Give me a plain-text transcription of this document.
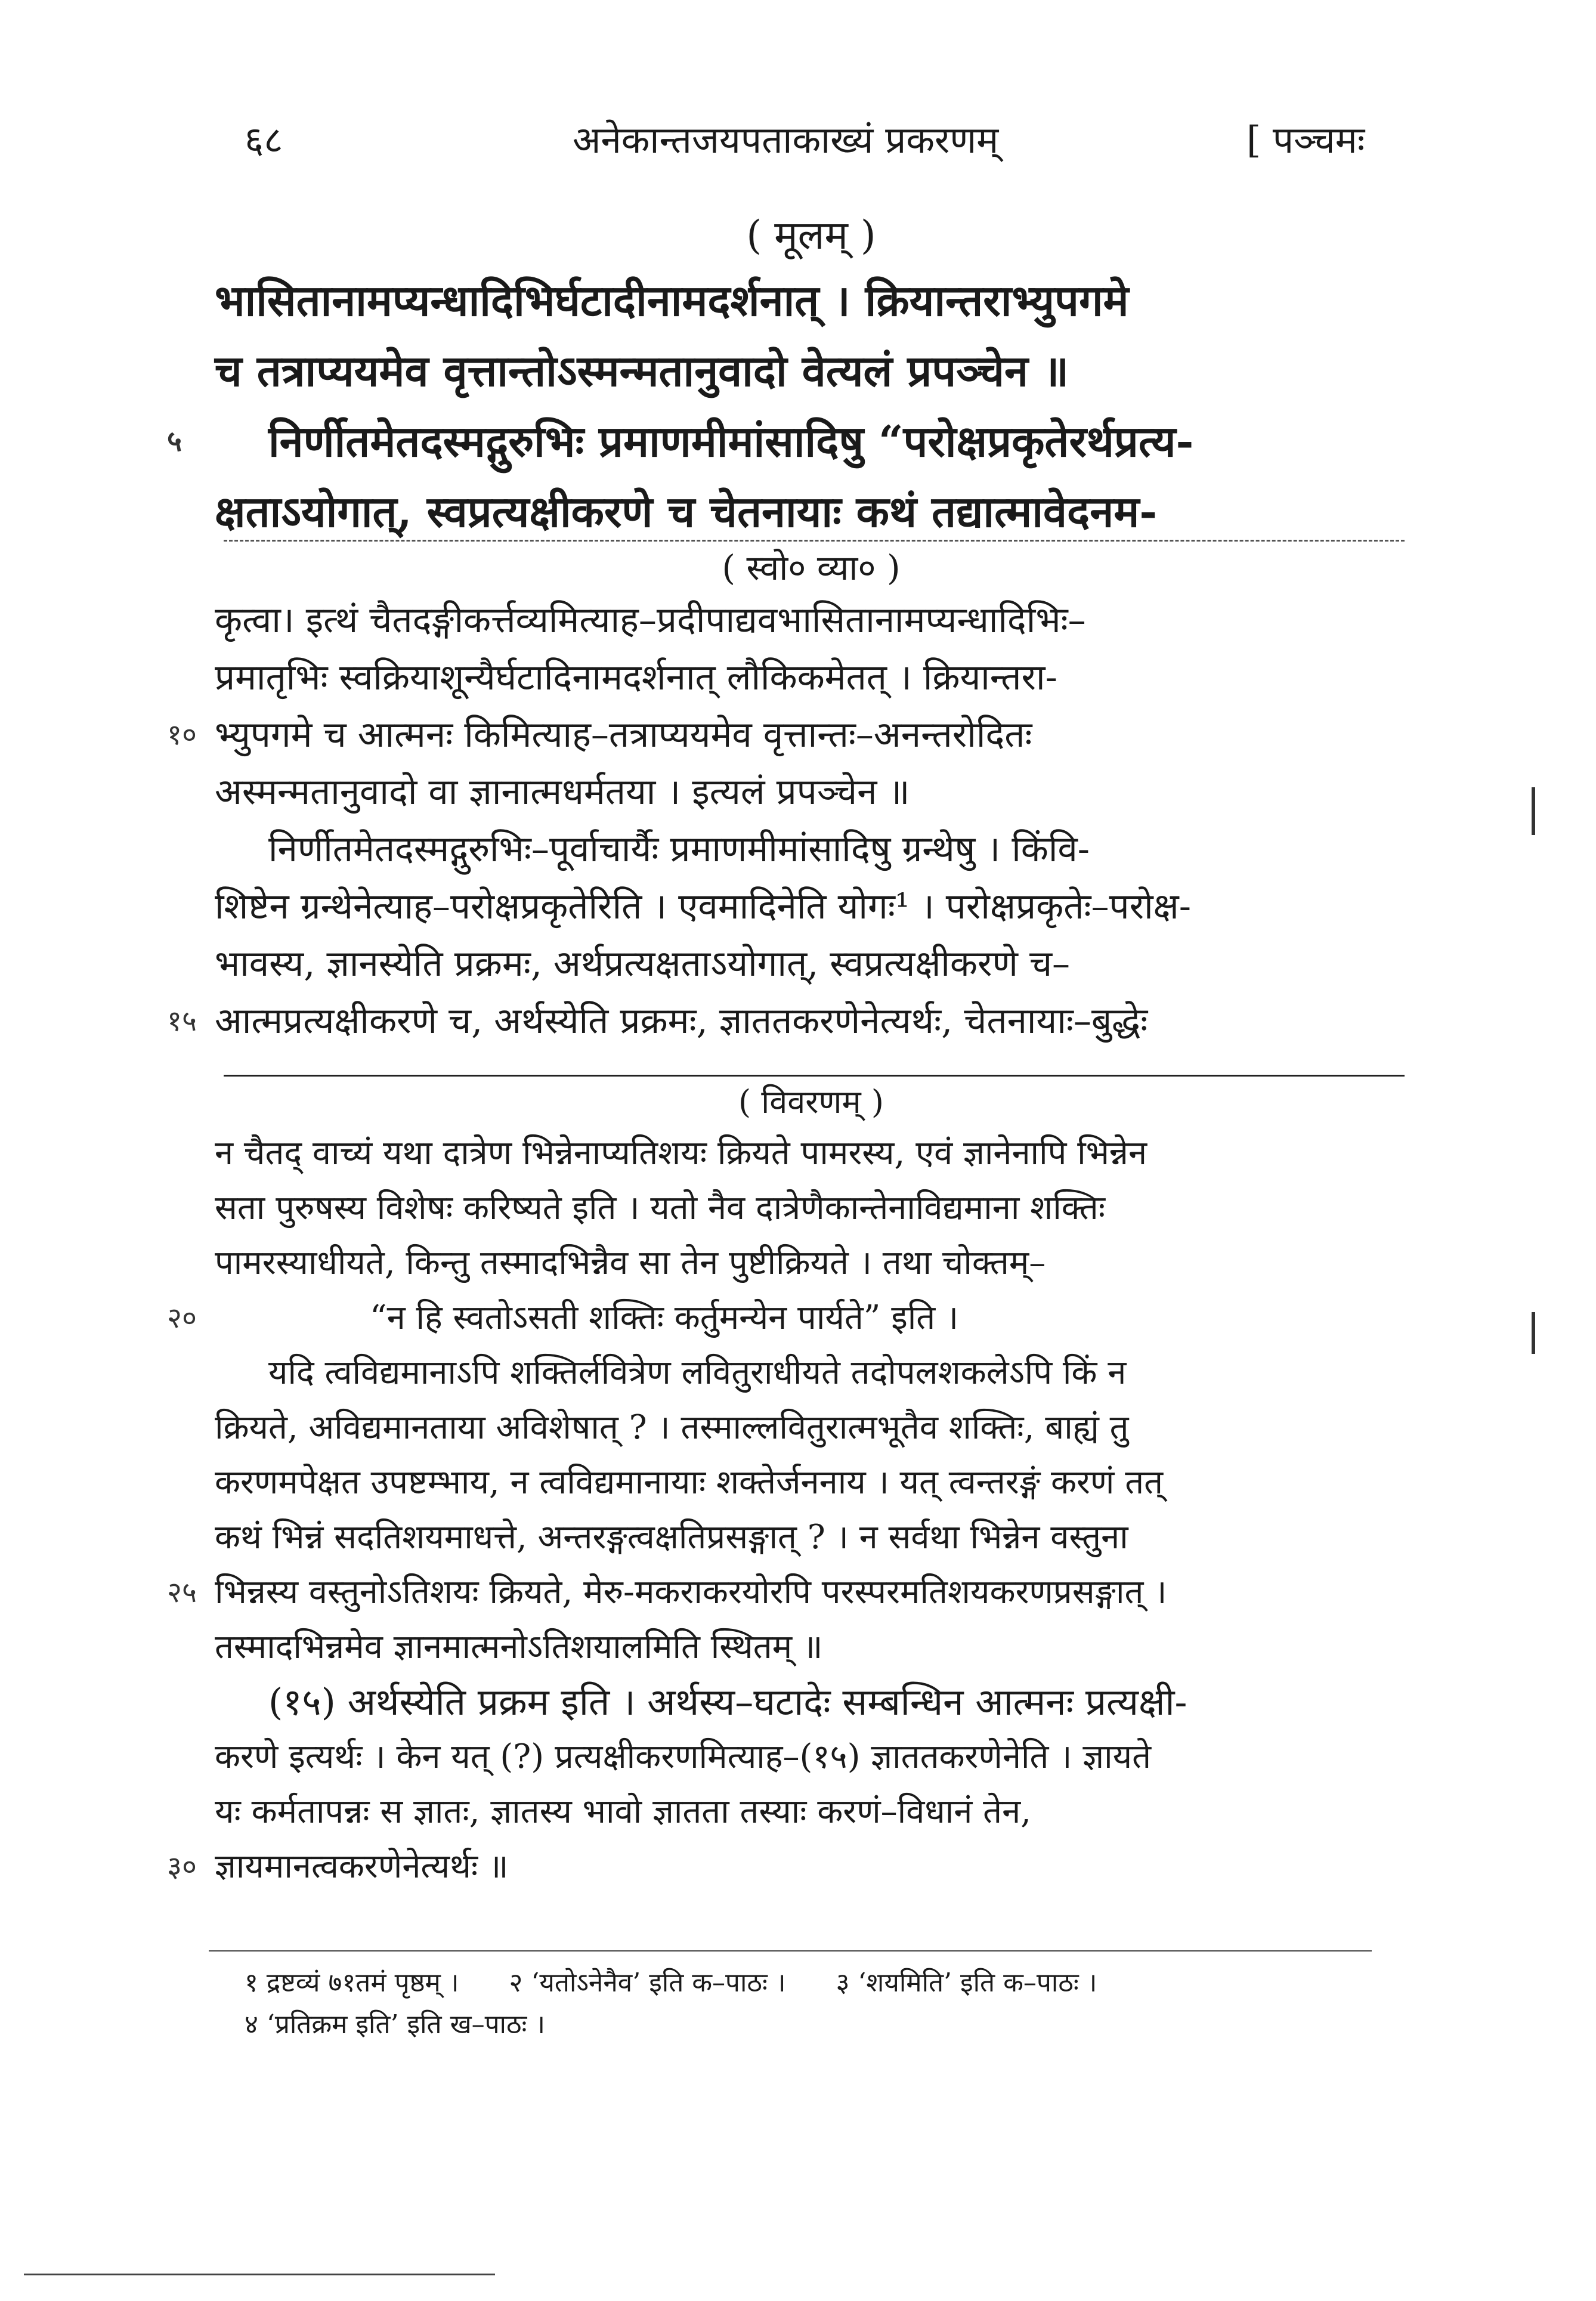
६८	अनेकान्तजयपताकाख्यं प्रकरणम्	[ पञ्चमः
( मूलम् )
भासितानामप्यन्धादिभिर्घटादीनामदर्शनात् । क्रियान्तराभ्युपगमे
च तत्राप्ययमेव वृत्तान्तोऽस्मन्मतानुवादो वेत्यलं प्रपञ्चेन ॥
५ निर्णीतमेतदस्मद्गुरुभिः प्रमाणमीमांसादिषु “परोक्षप्रकृतेरर्थप्रत्य-
क्षताऽयोगात्, स्वप्रत्यक्षीकरणे च चेतनायाः कथं तद्यात्मावेदनम-
( स्वो० व्या० )
कृत्वा। इत्थं चैतदङ्गीकर्त्तव्यमित्याह–प्रदीपाद्यवभासितानामप्यन्धादिभिः–
प्रमातृभिः स्वक्रियाशून्यैर्घटादिनामदर्शनात् लौकिकमेतत् । क्रियान्तरा-
१० भ्युपगमे च आत्मनः किमित्याह–तत्राप्ययमेव वृत्तान्तः–अनन्तरोदितः
अस्मन्मतानुवादो वा ज्ञानात्मधर्मतया । इत्यलं प्रपञ्चेन ॥
निर्णीतमेतदस्मद्गुरुभिः–पूर्वाचार्यैः प्रमाणमीमांसादिषु ग्रन्थेषु । किंवि-
शिष्टेन ग्रन्थेनेत्याह–परोक्षप्रकृतेरिति । एवमादिनेति योगः¹ । परोक्षप्रकृतेः–परोक्ष-
भावस्य, ज्ञानस्येति प्रक्रमः, अर्थप्रत्यक्षताऽयोगात्, स्वप्रत्यक्षीकरणे च–
१५ आत्मप्रत्यक्षीकरणे च, अर्थस्येति प्रक्रमः, ज्ञाततकरणेनेत्यर्थः, चेतनायाः–बुद्धेः
( विवरणम् )
न चैतद् वाच्यं यथा दात्रेण भिन्नेनाप्यतिशयः क्रियते पामरस्य, एवं ज्ञानेनापि भिन्नेन
सता पुरुषस्य विशेषः करिष्यते इति । यतो नैव दात्रेणैकान्तेनाविद्यमाना शक्तिः
पामरस्याधीयते, किन्तु तस्मादभिन्नैव सा तेन पुष्टीक्रियते । तथा चोक्तम्–
२०	“न हि स्वतोऽसती शक्तिः कर्तुमन्येन पार्यते” इति ।
यदि त्वविद्यमानाऽपि शक्तिर्लवित्रेण लवितुराधीयते तदोपलशकलेऽपि किं न
क्रियते, अविद्यमानताया अविशेषात् ? । तस्माल्लवितुरात्मभूतैव शक्तिः, बाह्यं तु
करणमपेक्षत उपष्टम्भाय, न त्वविद्यमानायाः शक्तेर्जननाय । यत् त्वन्तरङ्गं करणं तत्
कथं भिन्नं सदतिशयमाधत्ते, अन्तरङ्गत्वक्षतिप्रसङ्गात् ? । न सर्वथा भिन्नेन वस्तुना
२५ भिन्नस्य वस्तुनोऽतिशयः क्रियते, मेरु-मकराकरयोरपि परस्परमतिशयकरणप्रसङ्गात् ।
तस्मादभिन्नमेव ज्ञानमात्मनोऽतिशयालमिति स्थितम् ॥
(१५) अर्थस्येति प्रक्रम इति । अर्थस्य–घटादेः सम्बन्धिन आत्मनः प्रत्यक्षी-
करणे इत्यर्थः । केन यत् (?) प्रत्यक्षीकरणमित्याह–(१५) ज्ञाततकरणेनेति । ज्ञायते
यः कर्मतापन्नः स ज्ञातः, ज्ञातस्य भावो ज्ञातता तस्याः करणं–विधानं तेन,
३० ज्ञायमानत्वकरणेनेत्यर्थः ॥
१ द्रष्टव्यं ७१तमं पृष्ठम् । २ ‘यतोऽनेनैव’ इति क–पाठः । ३ ‘शयमिति’ इति क–पाठः ।
४ ‘प्रतिक्रम इति’ इति ख–पाठः ।
